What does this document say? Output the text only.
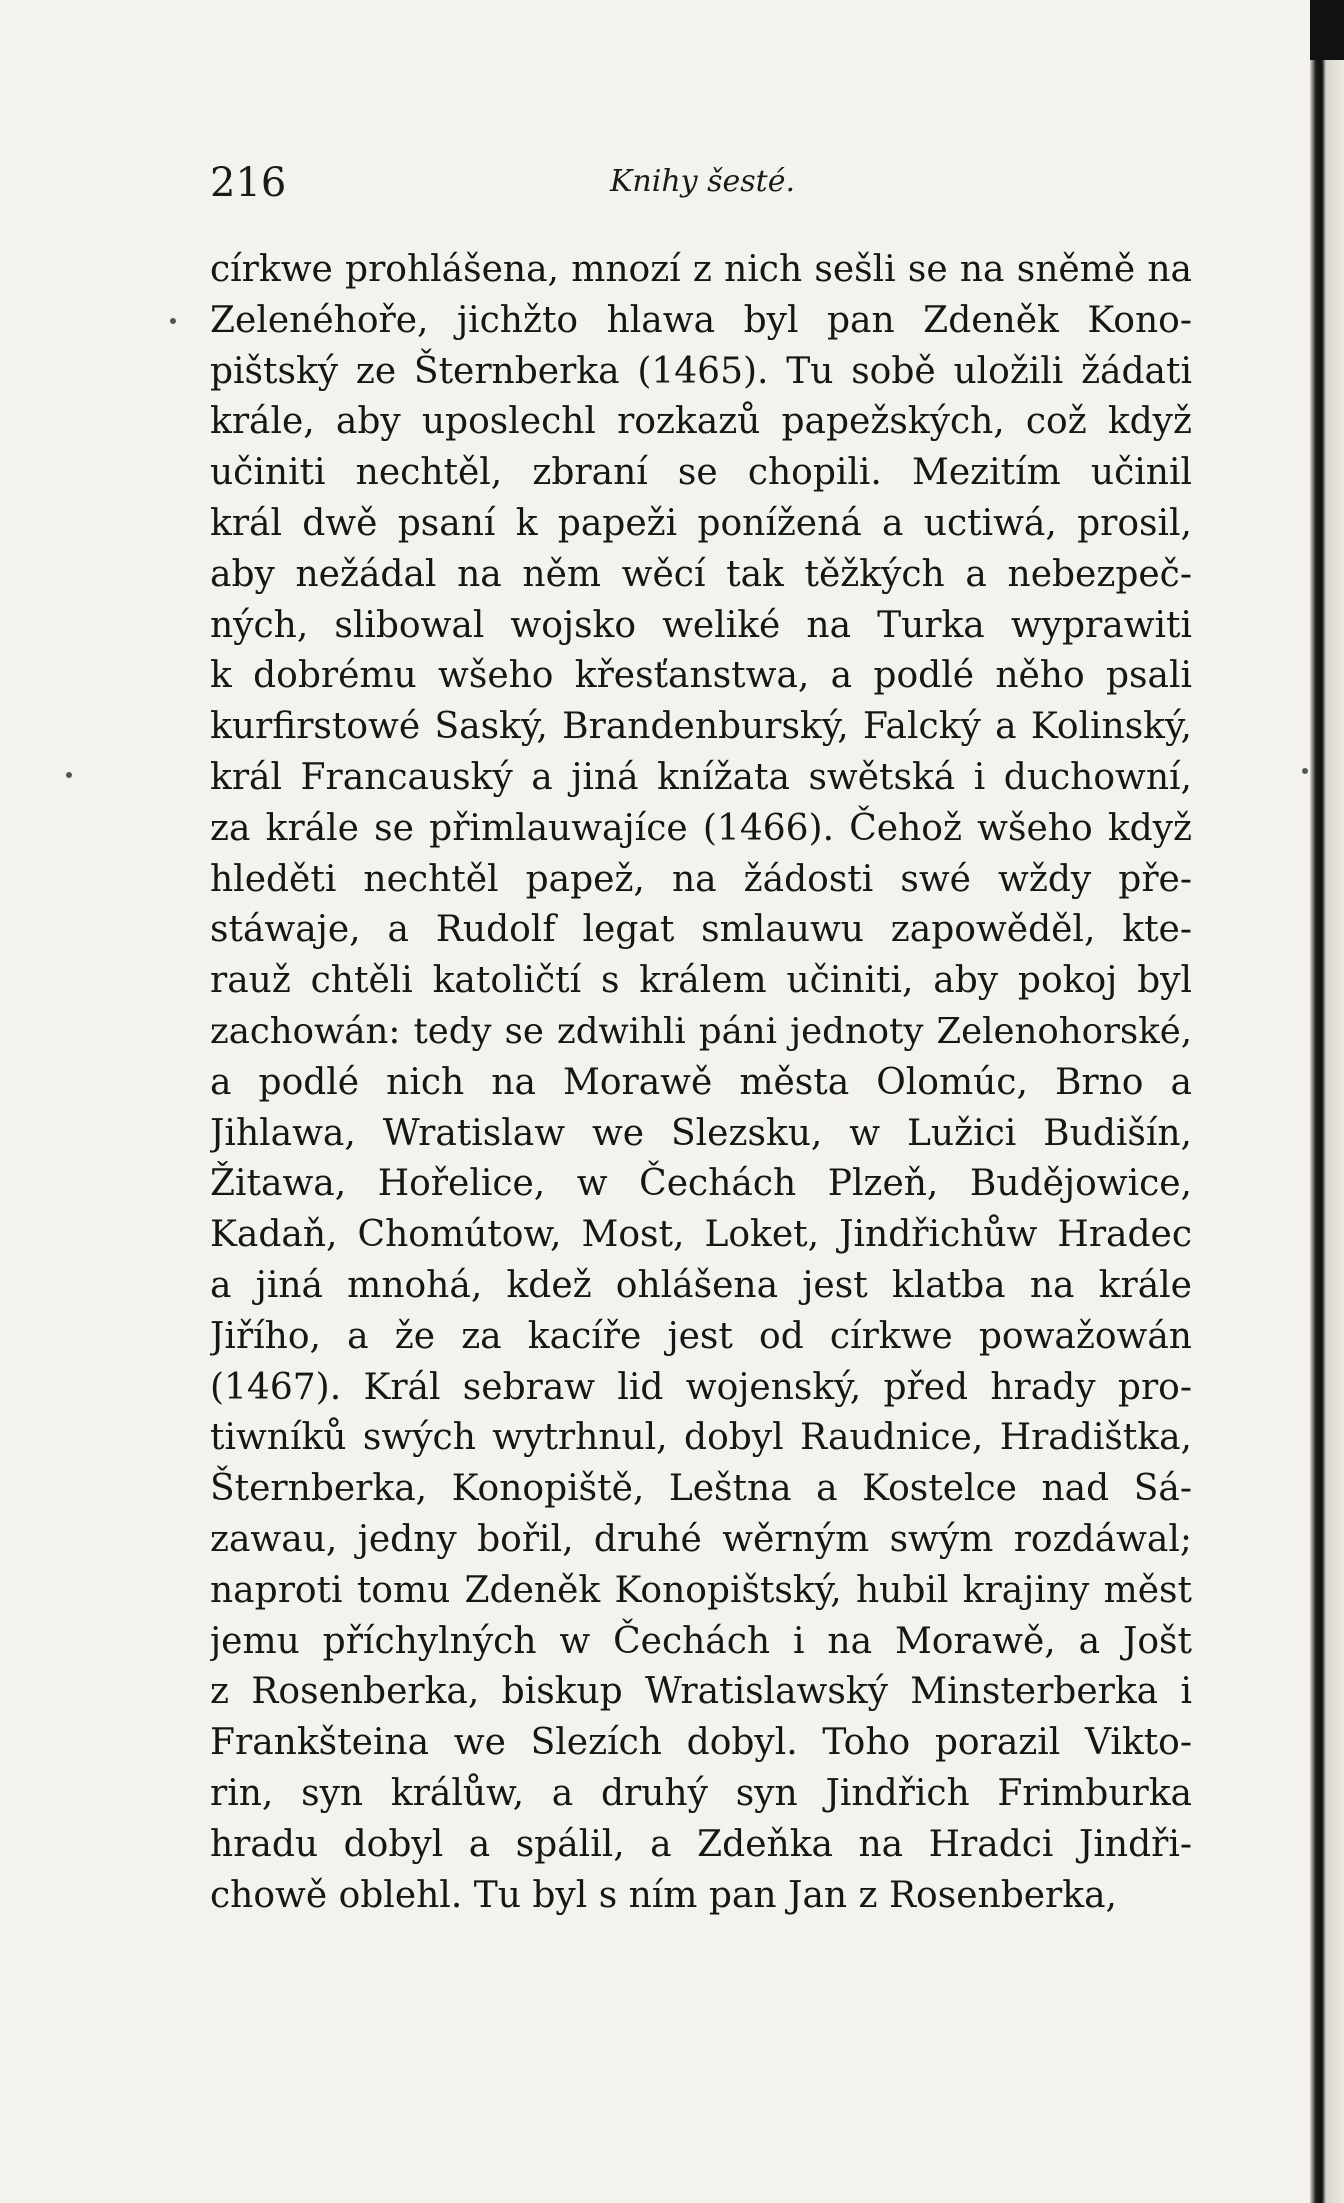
216	Knihy šesté.
církwe prohlášena, mnozí z nich sešli se na sněmě na
Zelenéhoře, jichžto hlawa byl pan Zdeněk Kono-
pištský ze Šternberka (1465). Tu sobě uložili žádati
krále, aby uposlechl rozkazů papežských, což když
učiniti nechtěl, zbraní se chopili. Mezitím učinil
král dwě psaní k papeži ponížená a uctiwá, prosil,
aby nežádal na něm wěcí tak těžkých a nebezpeč-
ných, slibowal wojsko weliké na Turka wyprawiti
k dobrému wšeho křesťanstwa, a podlé něho psali
kurfirstowé Saský, Brandenburský, Falcký a Kolinský,
král Francauský a jiná knížata swětská i duchowní,
za krále se přimlauwajíce (1466). Čehož wšeho když
hleděti nechtěl papež, na žádosti swé wždy pře-
stáwaje, a Rudolf legat smlauwu zapowěděl, kte-
rauž chtěli katoličtí s králem učiniti, aby pokoj byl
zachowán: tedy se zdwihli páni jednoty Zelenohorské,
a podlé nich na Morawě města Olomúc, Brno a
Jihlawa, Wratislaw we Slezsku, w Lužici Budišín,
Žitawa, Hořelice, w Čechách Plzeň, Budějowice,
Kadaň, Chomútow, Most, Loket, Jindřichůw Hradec
a jiná mnohá, kdež ohlášena jest klatba na krále
Jiřího, a že za kacíře jest od církwe powažowán
(1467). Král sebraw lid wojenský, před hrady pro-
tiwníků swých wytrhnul, dobyl Raudnice, Hradištka,
Šternberka, Konopiště, Leštna a Kostelce nad Sá-
zawau, jedny bořil, druhé wěrným swým rozdáwal;
naproti tomu Zdeněk Konopištský, hubil krajiny měst
jemu příchylných w Čechách i na Morawě, a Jošt
z Rosenberka, biskup Wratislawský Minsterberka i
Frankšteina we Slezích dobyl. Toho porazil Vikto-
rin, syn králůw, a druhý syn Jindřich Frimburka
hradu dobyl a spálil, a Zdeňka na Hradci Jindři-
chowě oblehl. Tu byl s ním pan Jan z Rosenberka,
